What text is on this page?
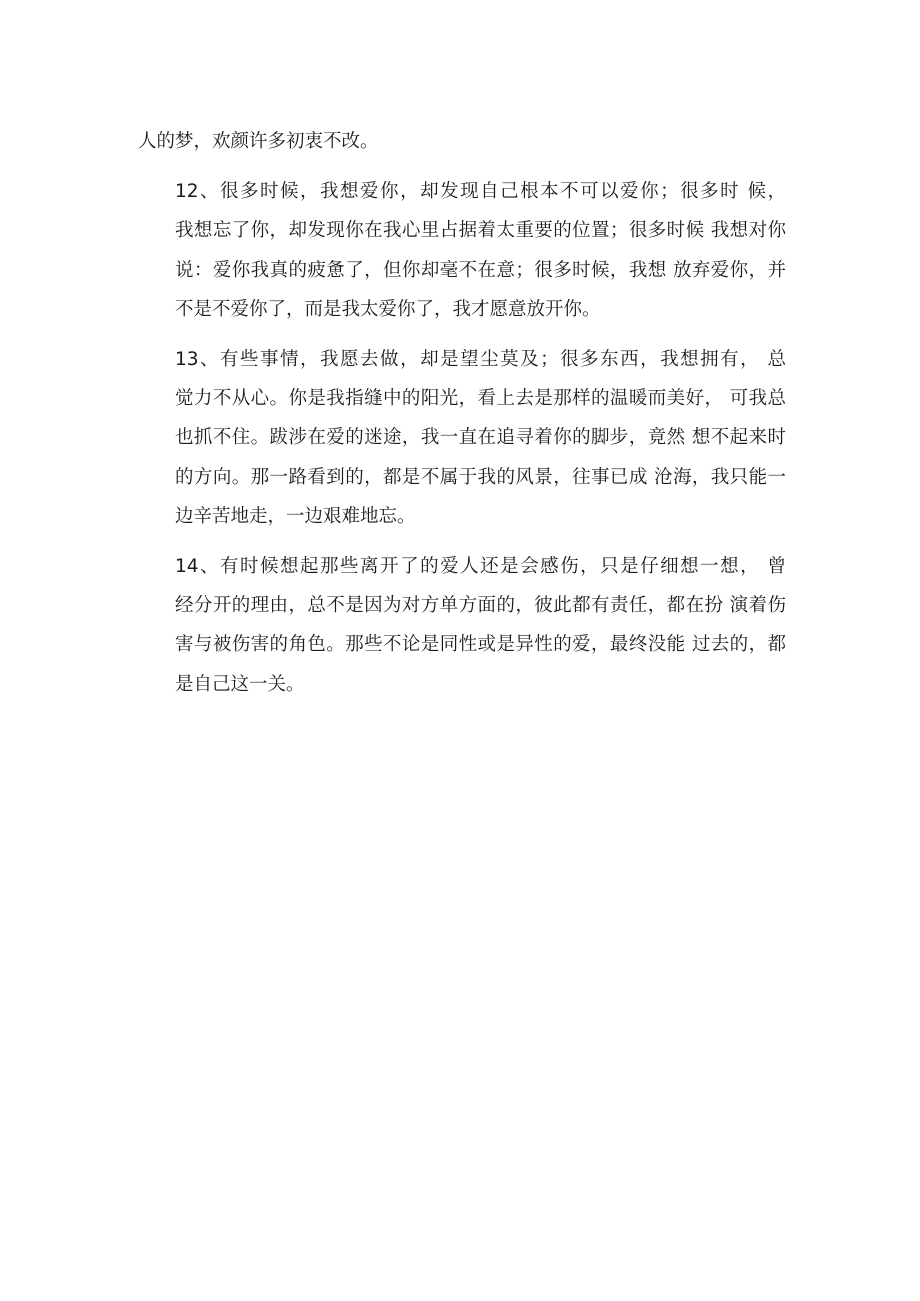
人的梦，欢颜许多初衷不改。

12、很多时候，我想爱你，却发现自己根本不可以爱你；很多时 候，
我想忘了你，却发现你在我心里占据着太重要的位置；很多时候 我想对你
说：爱你我真的疲惫了，但你却毫不在意；很多时候，我想 放弃爱你，并
不是不爱你了，而是我太爱你了，我才愿意放开你。

13、有些事情，我愿去做，却是望尘莫及；很多东西，我想拥有， 总
觉力不从心。你是我指缝中的阳光，看上去是那样的温暖而美好， 可我总
也抓不住。跋涉在爱的迷途，我一直在追寻着你的脚步，竟然 想不起来时
的方向。那一路看到的，都是不属于我的风景，往事已成 沧海，我只能一
边辛苦地走，一边艰难地忘。

14、有时候想起那些离开了的爱人还是会感伤，只是仔细想一想， 曾
经分开的理由，总不是因为对方单方面的，彼此都有责任，都在扮 演着伤
害与被伤害的角色。那些不论是同性或是异性的爱，最终没能 过去的，都
是自己这一关。
